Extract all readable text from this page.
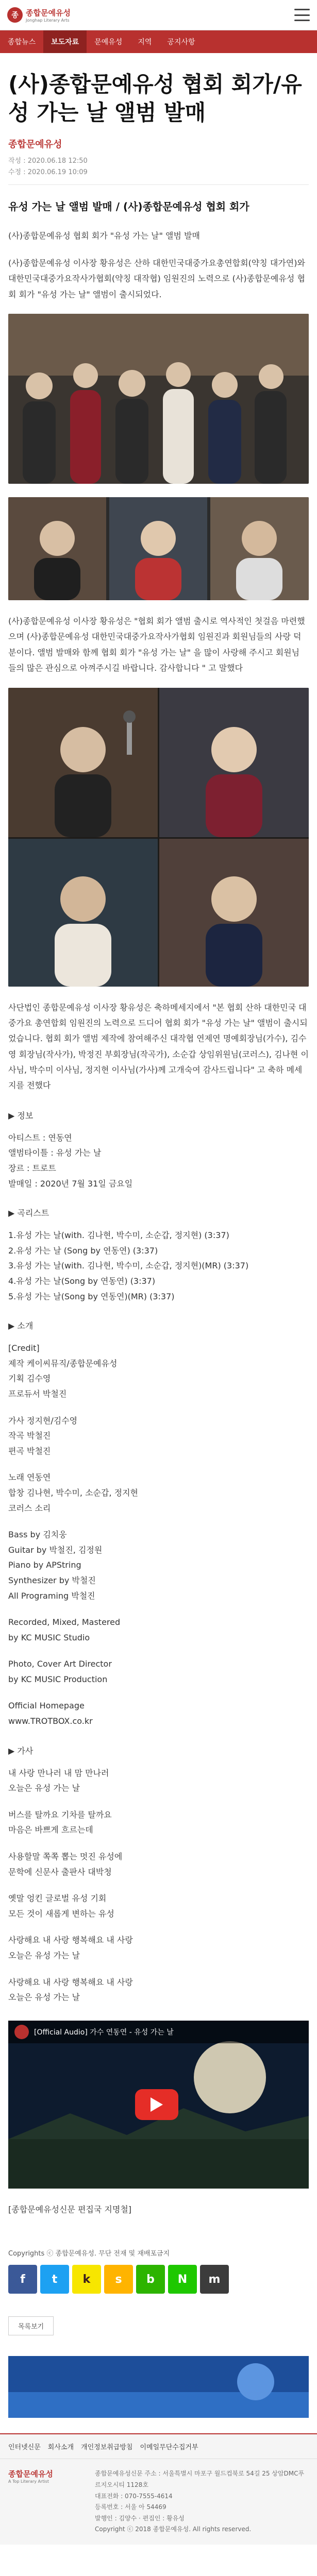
종 종합문예유성
Jonghap Literary Arts
종합뉴스	보도자료	문예유성	지역	공지사항
(사)종합문예유성 협회 회가/유성 가는 날 앨범 발매
종합문예유성
작성 : 2020.06.18 12:50
수정 : 2020.06.19 10:09
유성 가는 날 앨범 발매 / (사)종합문예유성 협회 회가

(사)종합문예유성 협회 회가 "유성 가는 날" 앨범 발매

(사)종합문예유성 이사장 황유성은 산하 대한민국대중가요총연합회(약칭 대가연)와 대한민국대중가요작사가협회(약칭 대작협) 임원진의 노력으로 (사)종합문예유성 협회 회가 "유성 가는 날" 앨범이 출시되었다.

(사)종합문예유성 이사장 황유성은 "협회 회가 앨범 출시로 역사적인 첫걸음 마련했으며 (사)종합문예유성 대한민국대중가요작사가협회 임원진과 회원님들의 사랑 덕분이다. 앨범 발매와 함께 협회 회가 "유성 가는 날" 을 많이 사랑해 주시고 회원님 들의 많은 관심으로 아껴주시길 바랍니다. 감사합니다 " 고 말했다

사단법인 종합문예유성 이사장 황유성은 축하메세지에서 "본 협회 산하 대한민국 대중가요 총연합회 임원진의 노력으로 드디어 협회 회가 "유성 가는 날" 앨범이 출시되었습니다. 협회 회가 앨범 제작에 참여해주신 대작협 연제연 명예회장님(가수), 김수영 회장님(작사가), 박정진 부회장님(작곡가), 소순갑 상임위원님(코러스), 김나현 이사님, 박수미 이사님, 정지현 이사님(가사)께 고개숙여 감사드립니다" 고 축하 메세지를 전했다

▶ 정보

아티스트 : 연동연

앨범타이틀 : 유성 가는 날

장르 : 트로트

발매일 : 2020년 7월 31일 금요일

▶ 곡리스트

1.유성 가는 날(with. 김나현, 박수미, 소순갑, 정지현) (3:37)

2.유성 가는 날 (Song by 연동연) (3:37)

3.유성 가는 날(with. 김나현, 박수미, 소순갑, 정지현)(MR) (3:37)

4.유성 가는 날(Song by 연동연) (3:37)

5.유성 가는 날(Song by 연동연)(MR) (3:37)

▶ 소개

[Credit]

제작 케이씨뮤직/종합문예유성

기획 김수영

프로듀서 박철진

가사 정지현/김수영

작곡 박철진

편곡 박철진

노래 연동연

합창 김나현, 박수미, 소순갑, 정지현

코러스 소리

Bass by 김치웅

Guitar by 박철진, 김정원

Piano by APString

Synthesizer by 박철진

All Programing 박철진

Recorded, Mixed, Mastered

by KC MUSIC Studio

Photo, Cover Art Director

by KC MUSIC Production

Official Homepage

www.TROTBOX.co.kr

▶ 가사

내 사랑 만나러 내 맘 만나러

오늘은 유성 가는 날

버스를 탈까요 기차를 탈까요

마음은 바쁘게 흐르는데

사용할말 쪽쪽 뽑는 멋진 유성에

문학에 신문사 출판사 대박청

옛말 엉킨 글로벌 유성 기회

모든 것이 새롭게 변하는 유성

사랑해요 내 사랑 행복해요 내 사랑

오늘은 유성 가는 날

사랑해요 내 사랑 행복해요 내 사랑

오늘은 유성 가는 날

[Official Audio] 가수 연동연 - 유성 가는 날

[종합문예유성신문 편집국 지명철]

Copyrights ⓒ 종합문예유성. 무단 전재 및 재배포금지
f	t	k	s	b	N	m
목록보기
인터넷신문 회사소개 개인정보취급방침 이메일무단수집거부
종합문예유성
A Top Literary Artist
종합문예유성신문 주소 : 서울특별시 마포구 월드컵북로 54길 25 상암DMC푸르지오시티 1128호
대표전화 : 070-7555-4614
등록번호 : 서울 아 54469
발행인 : 김양수 · 편집인 : 황유성
Copyright ⓒ 2018 종합문예유성. All rights reserved.
